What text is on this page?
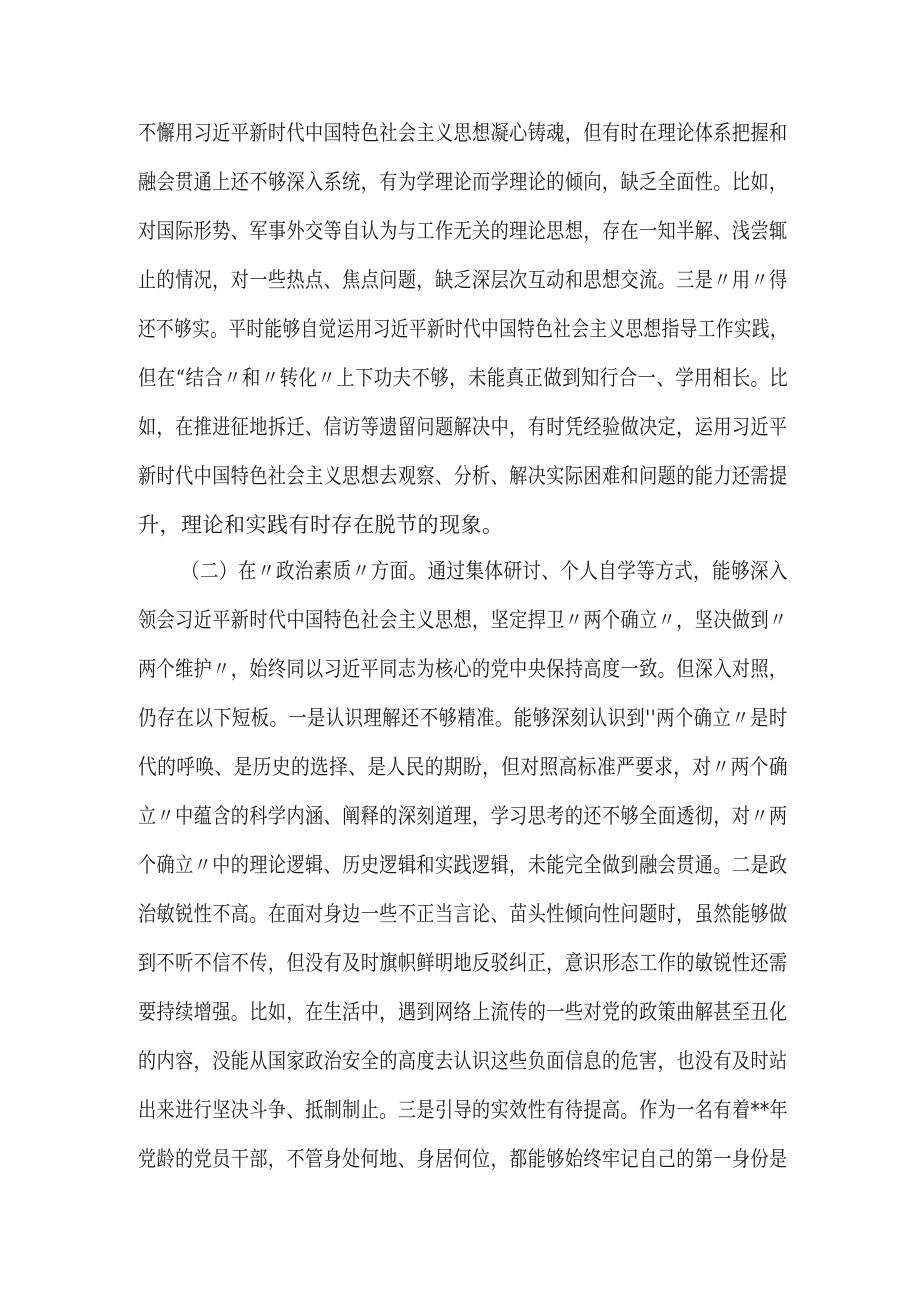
不懈用习近平新时代中国特色社会主义思想凝心铸魂，但有时在理论体系把握和
融会贯通上还不够深入系统，有为学理论而学理论的倾向，缺乏全面性。比如，
对国际形势、军事外交等自认为与工作无关的理论思想，存在一知半解、浅尝辄
止的情况，对一些热点、焦点问题，缺乏深层次互动和思想交流。三是〃用〃得
还不够实。平时能够自觉运用习近平新时代中国特色社会主义思想指导工作实践，
但在“结合〃和〃转化〃上下功夫不够，未能真正做到知行合一、学用相长。比
如，在推进征地拆迁、信访等遗留问题解决中，有时凭经验做决定，运用习近平
新时代中国特色社会主义思想去观察、分析、解决实际困难和问题的能力还需提
升，理论和实践有时存在脱节的现象。
（二）在〃政治素质〃方面。通过集体研讨、个人自学等方式，能够深入
领会习近平新时代中国特色社会主义思想，坚定捍卫〃两个确立〃，坚决做到〃
两个维护〃，始终同以习近平同志为核心的党中央保持高度一致。但深入对照，
仍存在以下短板。一是认识理解还不够精准。能够深刻认识到''两个确立〃是时
代的呼唤、是历史的选择、是人民的期盼，但对照高标准严要求，对〃两个确
立〃中蕴含的科学内涵、阐释的深刻道理，学习思考的还不够全面透彻，对〃两
个确立〃中的理论逻辑、历史逻辑和实践逻辑，未能完全做到融会贯通。二是政
治敏锐性不高。在面对身边一些不正当言论、苗头性倾向性问题时，虽然能够做
到不听不信不传，但没有及时旗帜鲜明地反驳纠正，意识形态工作的敏锐性还需
要持续增强。比如，在生活中，遇到网络上流传的一些对党的政策曲解甚至丑化
的内容，没能从国家政治安全的高度去认识这些负面信息的危害，也没有及时站
出来进行坚决斗争、抵制制止。三是引导的实效性有待提高。作为一名有着**年
党龄的党员干部，不管身处何地、身居何位，都能够始终牢记自己的第一身份是
